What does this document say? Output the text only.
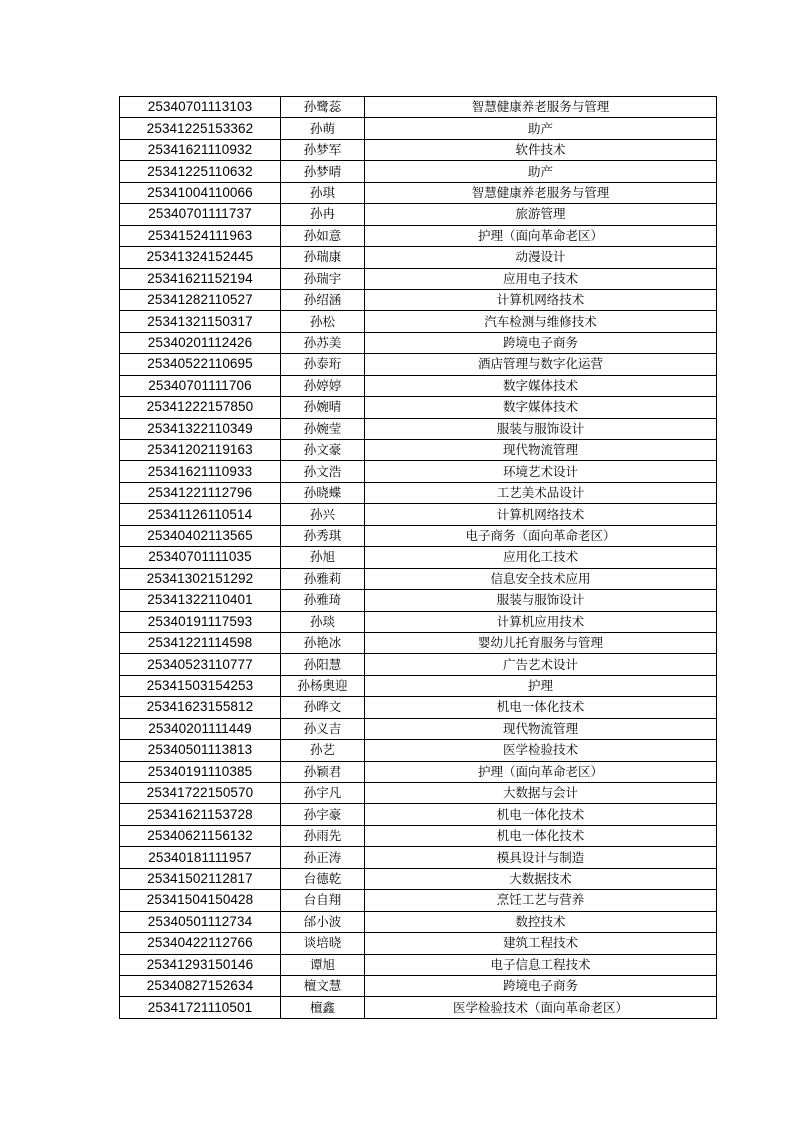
25340701113103	孙鹭蕊	智慧健康养老服务与管理
25341225153362	孙萌	助产
25341621110932	孙梦军	软件技术
25341225110632	孙梦晴	助产
25341004110066	孙琪	智慧健康养老服务与管理
25340701111737	孙冉	旅游管理
25341524111963	孙如意	护理（面向革命老区）
25341324152445	孙瑞康	动漫设计
25341621152194	孙瑞宇	应用电子技术
25341282110527	孙绍涵	计算机网络技术
25341321150317	孙松	汽车检测与维修技术
25340201112426	孙苏美	跨境电子商务
25340522110695	孙泰珩	酒店管理与数字化运营
25340701111706	孙婷婷	数字媒体技术
25341222157850	孙婉晴	数字媒体技术
25341322110349	孙婉莹	服装与服饰设计
25341202119163	孙文豪	现代物流管理
25341621110933	孙文浩	环境艺术设计
25341221112796	孙晓蝶	工艺美术品设计
25341126110514	孙兴	计算机网络技术
25340402113565	孙秀琪	电子商务（面向革命老区）
25340701111035	孙旭	应用化工技术
25341302151292	孙雅莉	信息安全技术应用
25341322110401	孙雅琦	服装与服饰设计
25340191117593	孙琰	计算机应用技术
25341221114598	孙艳冰	婴幼儿托育服务与管理
25340523110777	孙阳慧	广告艺术设计
25341503154253	孙杨奥迎	护理
25341623155812	孙晔文	机电一体化技术
25340201111449	孙义吉	现代物流管理
25340501113813	孙艺	医学检验技术
25340191110385	孙颖君	护理（面向革命老区）
25341722150570	孙宇凡	大数据与会计
25341621153728	孙宇豪	机电一体化技术
25340621156132	孙雨先	机电一体化技术
25340181111957	孙正涛	模具设计与制造
25341502112817	台德乾	大数据技术
25341504150428	台自翔	烹饪工艺与营养
25340501112734	邰小波	数控技术
25340422112766	谈培晓	建筑工程技术
25341293150146	谭旭	电子信息工程技术
25340827152634	檀文慧	跨境电子商务
25341721110501	檀鑫	医学检验技术（面向革命老区）
